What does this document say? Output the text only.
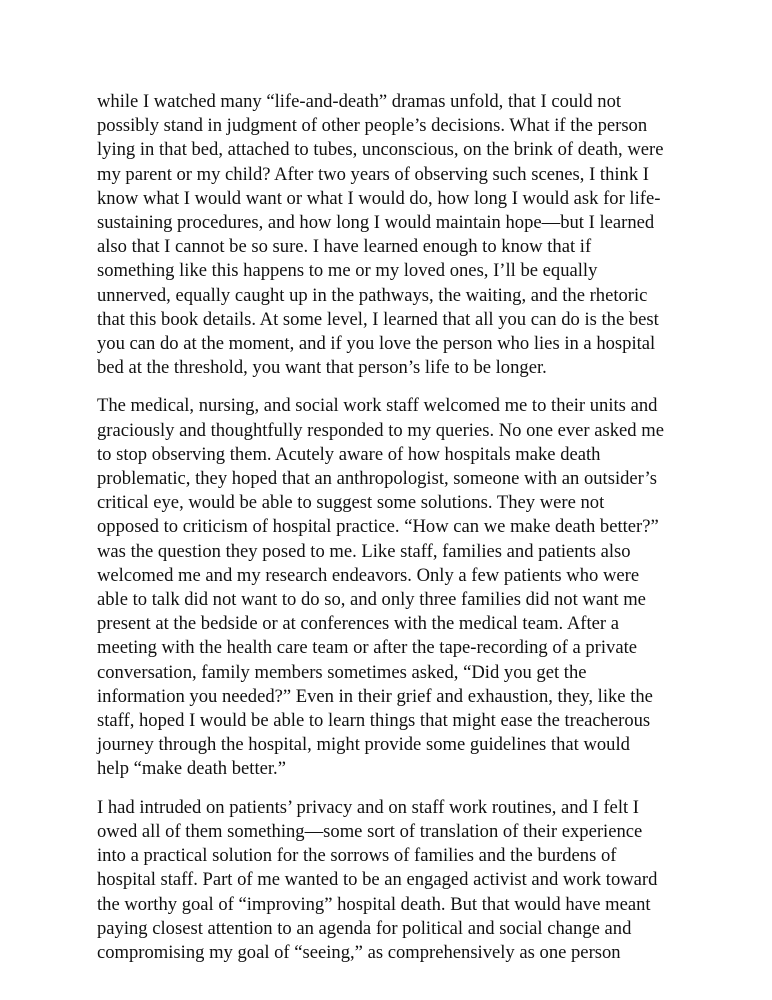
while I watched many “life-and-death” dramas unfold, that I could not
possibly stand in judgment of other people’s decisions. What if the person
lying in that bed, attached to tubes, unconscious, on the brink of death, were
my parent or my child? After two years of observing such scenes, I think I
know what I would want or what I would do, how long I would ask for life-
sustaining procedures, and how long I would maintain hope—but I learned
also that I cannot be so sure. I have learned enough to know that if
something like this happens to me or my loved ones, I’ll be equally
unnerved, equally caught up in the pathways, the waiting, and the rhetoric
that this book details. At some level, I learned that all you can do is the best
you can do at the moment, and if you love the person who lies in a hospital
bed at the threshold, you want that person’s life to be longer.

The medical, nursing, and social work staff welcomed me to their units and
graciously and thoughtfully responded to my queries. No one ever asked me
to stop observing them. Acutely aware of how hospitals make death
problematic, they hoped that an anthropologist, someone with an outsider’s
critical eye, would be able to suggest some solutions. They were not
opposed to criticism of hospital practice. “How can we make death better?”
was the question they posed to me. Like staff, families and patients also
welcomed me and my research endeavors. Only a few patients who were
able to talk did not want to do so, and only three families did not want me
present at the bedside or at conferences with the medical team. After a
meeting with the health care team or after the tape-recording of a private
conversation, family members sometimes asked, “Did you get the
information you needed?” Even in their grief and exhaustion, they, like the
staff, hoped I would be able to learn things that might ease the treacherous
journey through the hospital, might provide some guidelines that would
help “make death better.”

I had intruded on patients’ privacy and on staff work routines, and I felt I
owed all of them something—some sort of translation of their experience
into a practical solution for the sorrows of families and the burdens of
hospital staff. Part of me wanted to be an engaged activist and work toward
the worthy goal of “improving” hospital death. But that would have meant
paying closest attention to an agenda for political and social change and
compromising my goal of “seeing,” as comprehensively as one person
